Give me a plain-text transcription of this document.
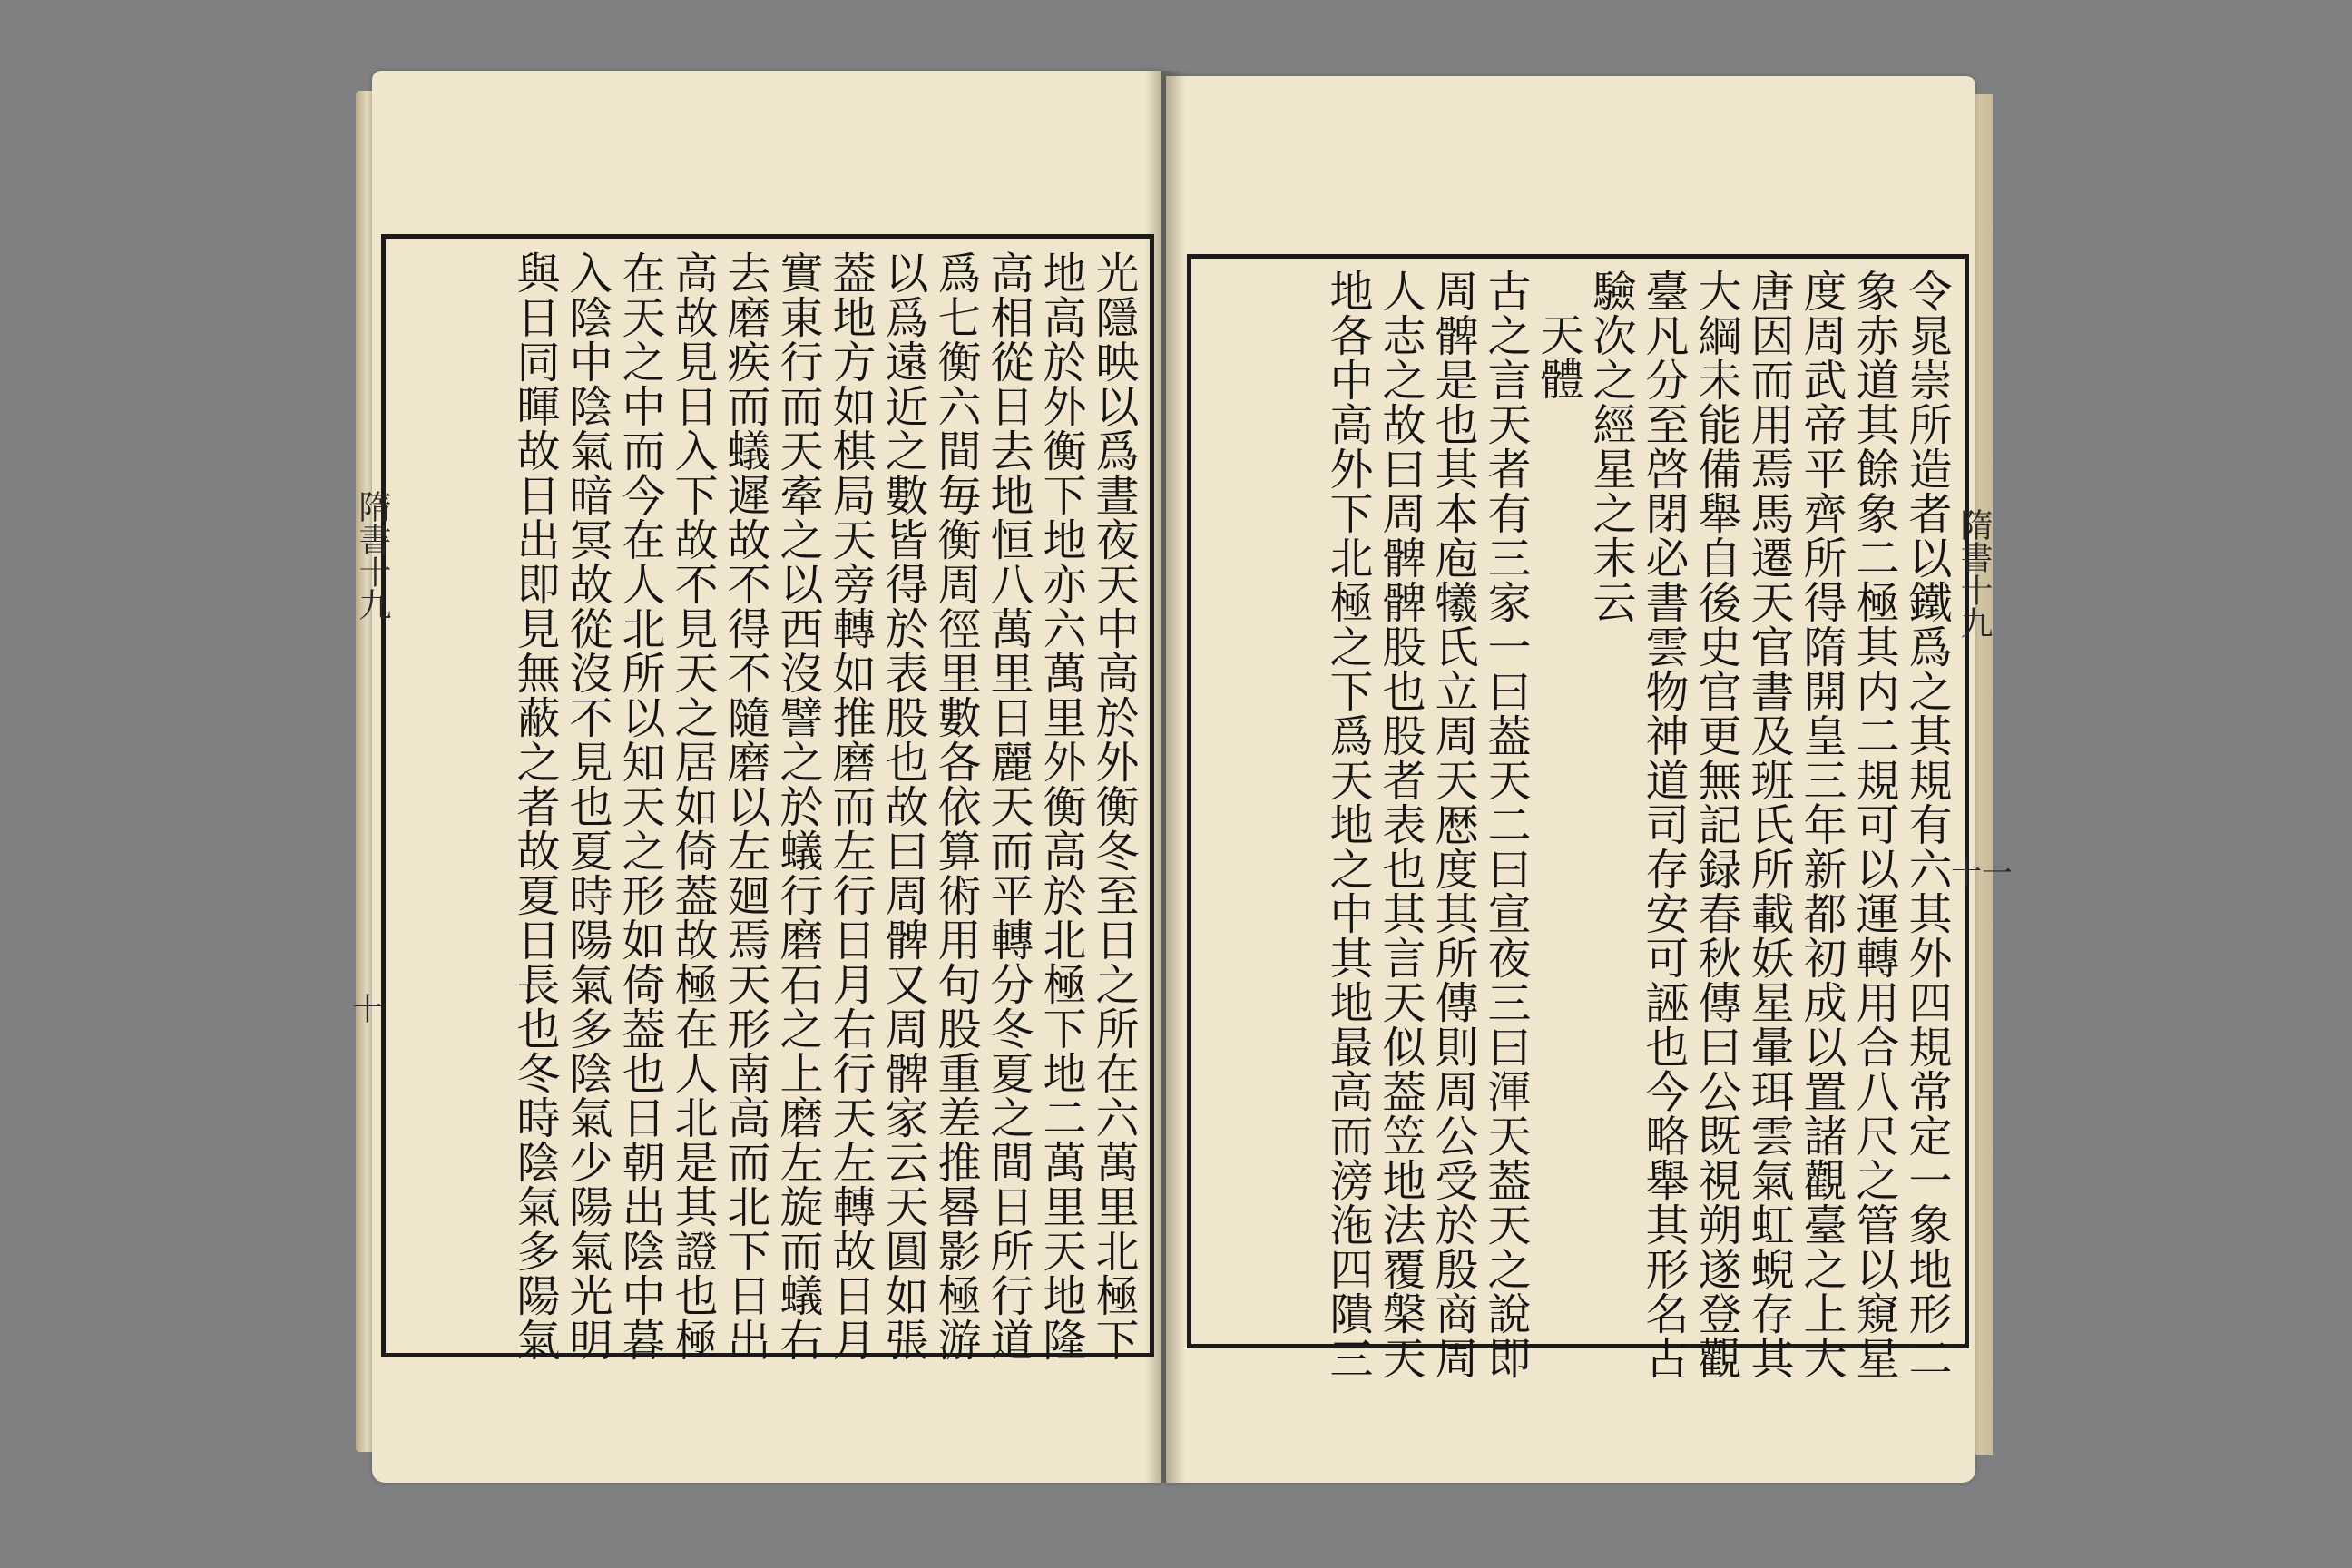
光隱映以爲晝夜天中高於外衡冬至日之所在六萬里北極下
地高於外衡下地亦六萬里外衡高於北極下地二萬里天地隆
高相從日去地恒八萬里日麗天而平轉分冬夏之間日所行道
爲七衡六間毎衡周徑里數各依算術用句股重差推晷影極游
以爲遠近之數皆得於表股也故曰周髀又周髀家云天圓如張
葢地方如棋局天旁轉如推磨而左行日月右行天左轉故日月
實東行而天牽之以西沒譬之於蟻行磨石之上磨左旋而蟻右
去磨疾而蟻遲故不得不隨磨以左廻焉天形南高而北下日出
高故見日入下故不見天之居如倚葢故極在人北是其證也極
在天之中而今在人北所以知天之形如倚葢也日朝出陰中暮
入陰中陰氣暗冥故從沒不見也夏時陽氣多陰氣少陽氣光明
與日同暉故日出即見無蔽之者故夏日長也冬時陰氣多陽氣	令晁崇所造者以鐵爲之其規有六其外四規常定一象地形二
象赤道其餘象二極其内二規可以運轉用合八尺之管以窺星
度周武帝平齊所得隋開皇三年新都初成以置諸觀臺之上大
唐因而用焉馬遷天官書及班氏所載妖星暈珥雲氣虹蜺存其
大綱未能備舉自後史官更無記録春秋傳曰公既視朔遂登觀
臺凡分至啓閉必書雲物神道司存安可誣也今略舉其形名占
驗次之經星之末云
天體
古之言天者有三家一曰葢天二曰宣夜三曰渾天葢天之說即
周髀是也其本庖犧氏立周天厯度其所傳則周公受於殷商周
人志之故曰周髀髀股也股者表也其言天似葢笠地法覆槃天
地各中高外下北極之下爲天地之中其地最高而滂沲四隤三
隋書十九
十
隋書十九
十一
